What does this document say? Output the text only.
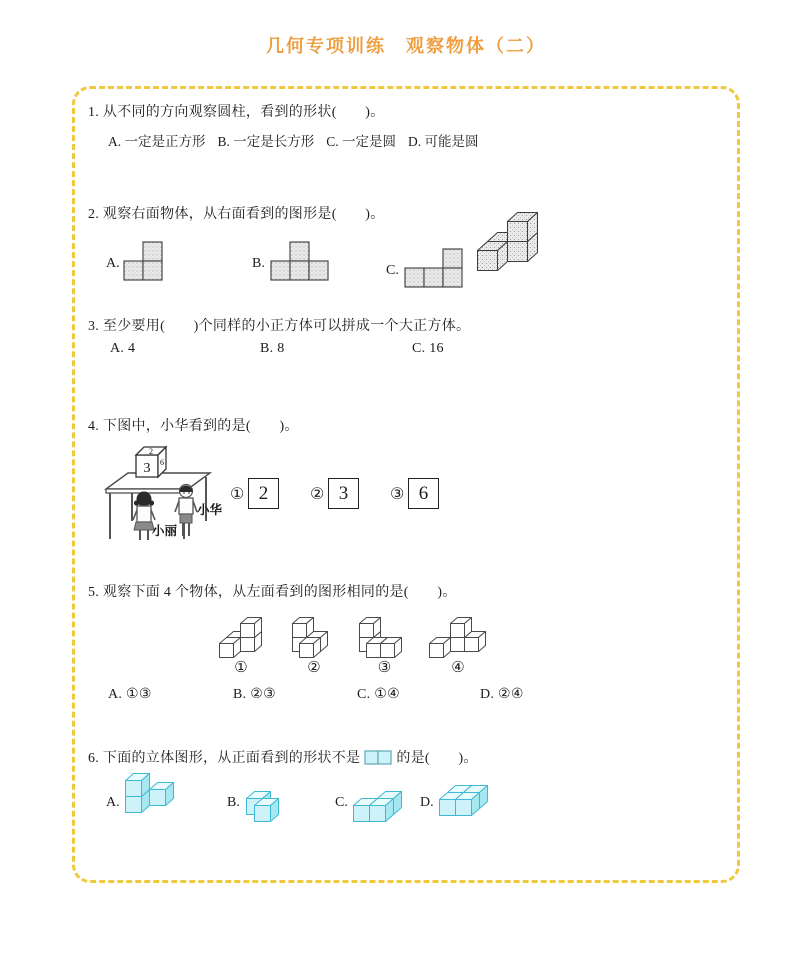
几何专项训练　观察物体（二）
1. 从不同的方向观察圆柱，看到的形状(　　)。
A. 一定是正方形 B. 一定是长方形 C. 一定是圆 D. 可能是圆
2. 观察右面物体，从右面看到的图形是(　　)。
A.	B.	C.
3. 至少要用(　　)个同样的小正方体可以拼成一个大正方体。
A. 4	B. 8	C. 16
4. 下图中，小华看到的是(　　)。
3
2
6
小丽
小华
① 2	② 3	③ 6
5. 观察下面 4 个物体，从左面看到的图形相同的是(　　)。
①	②	③	④
A. ①③	B. ②③	C. ①④	D. ②④
6. 下面的立体图形，从正面看到的形状不是	的是(　　)。
A.	B.	C.	D.
